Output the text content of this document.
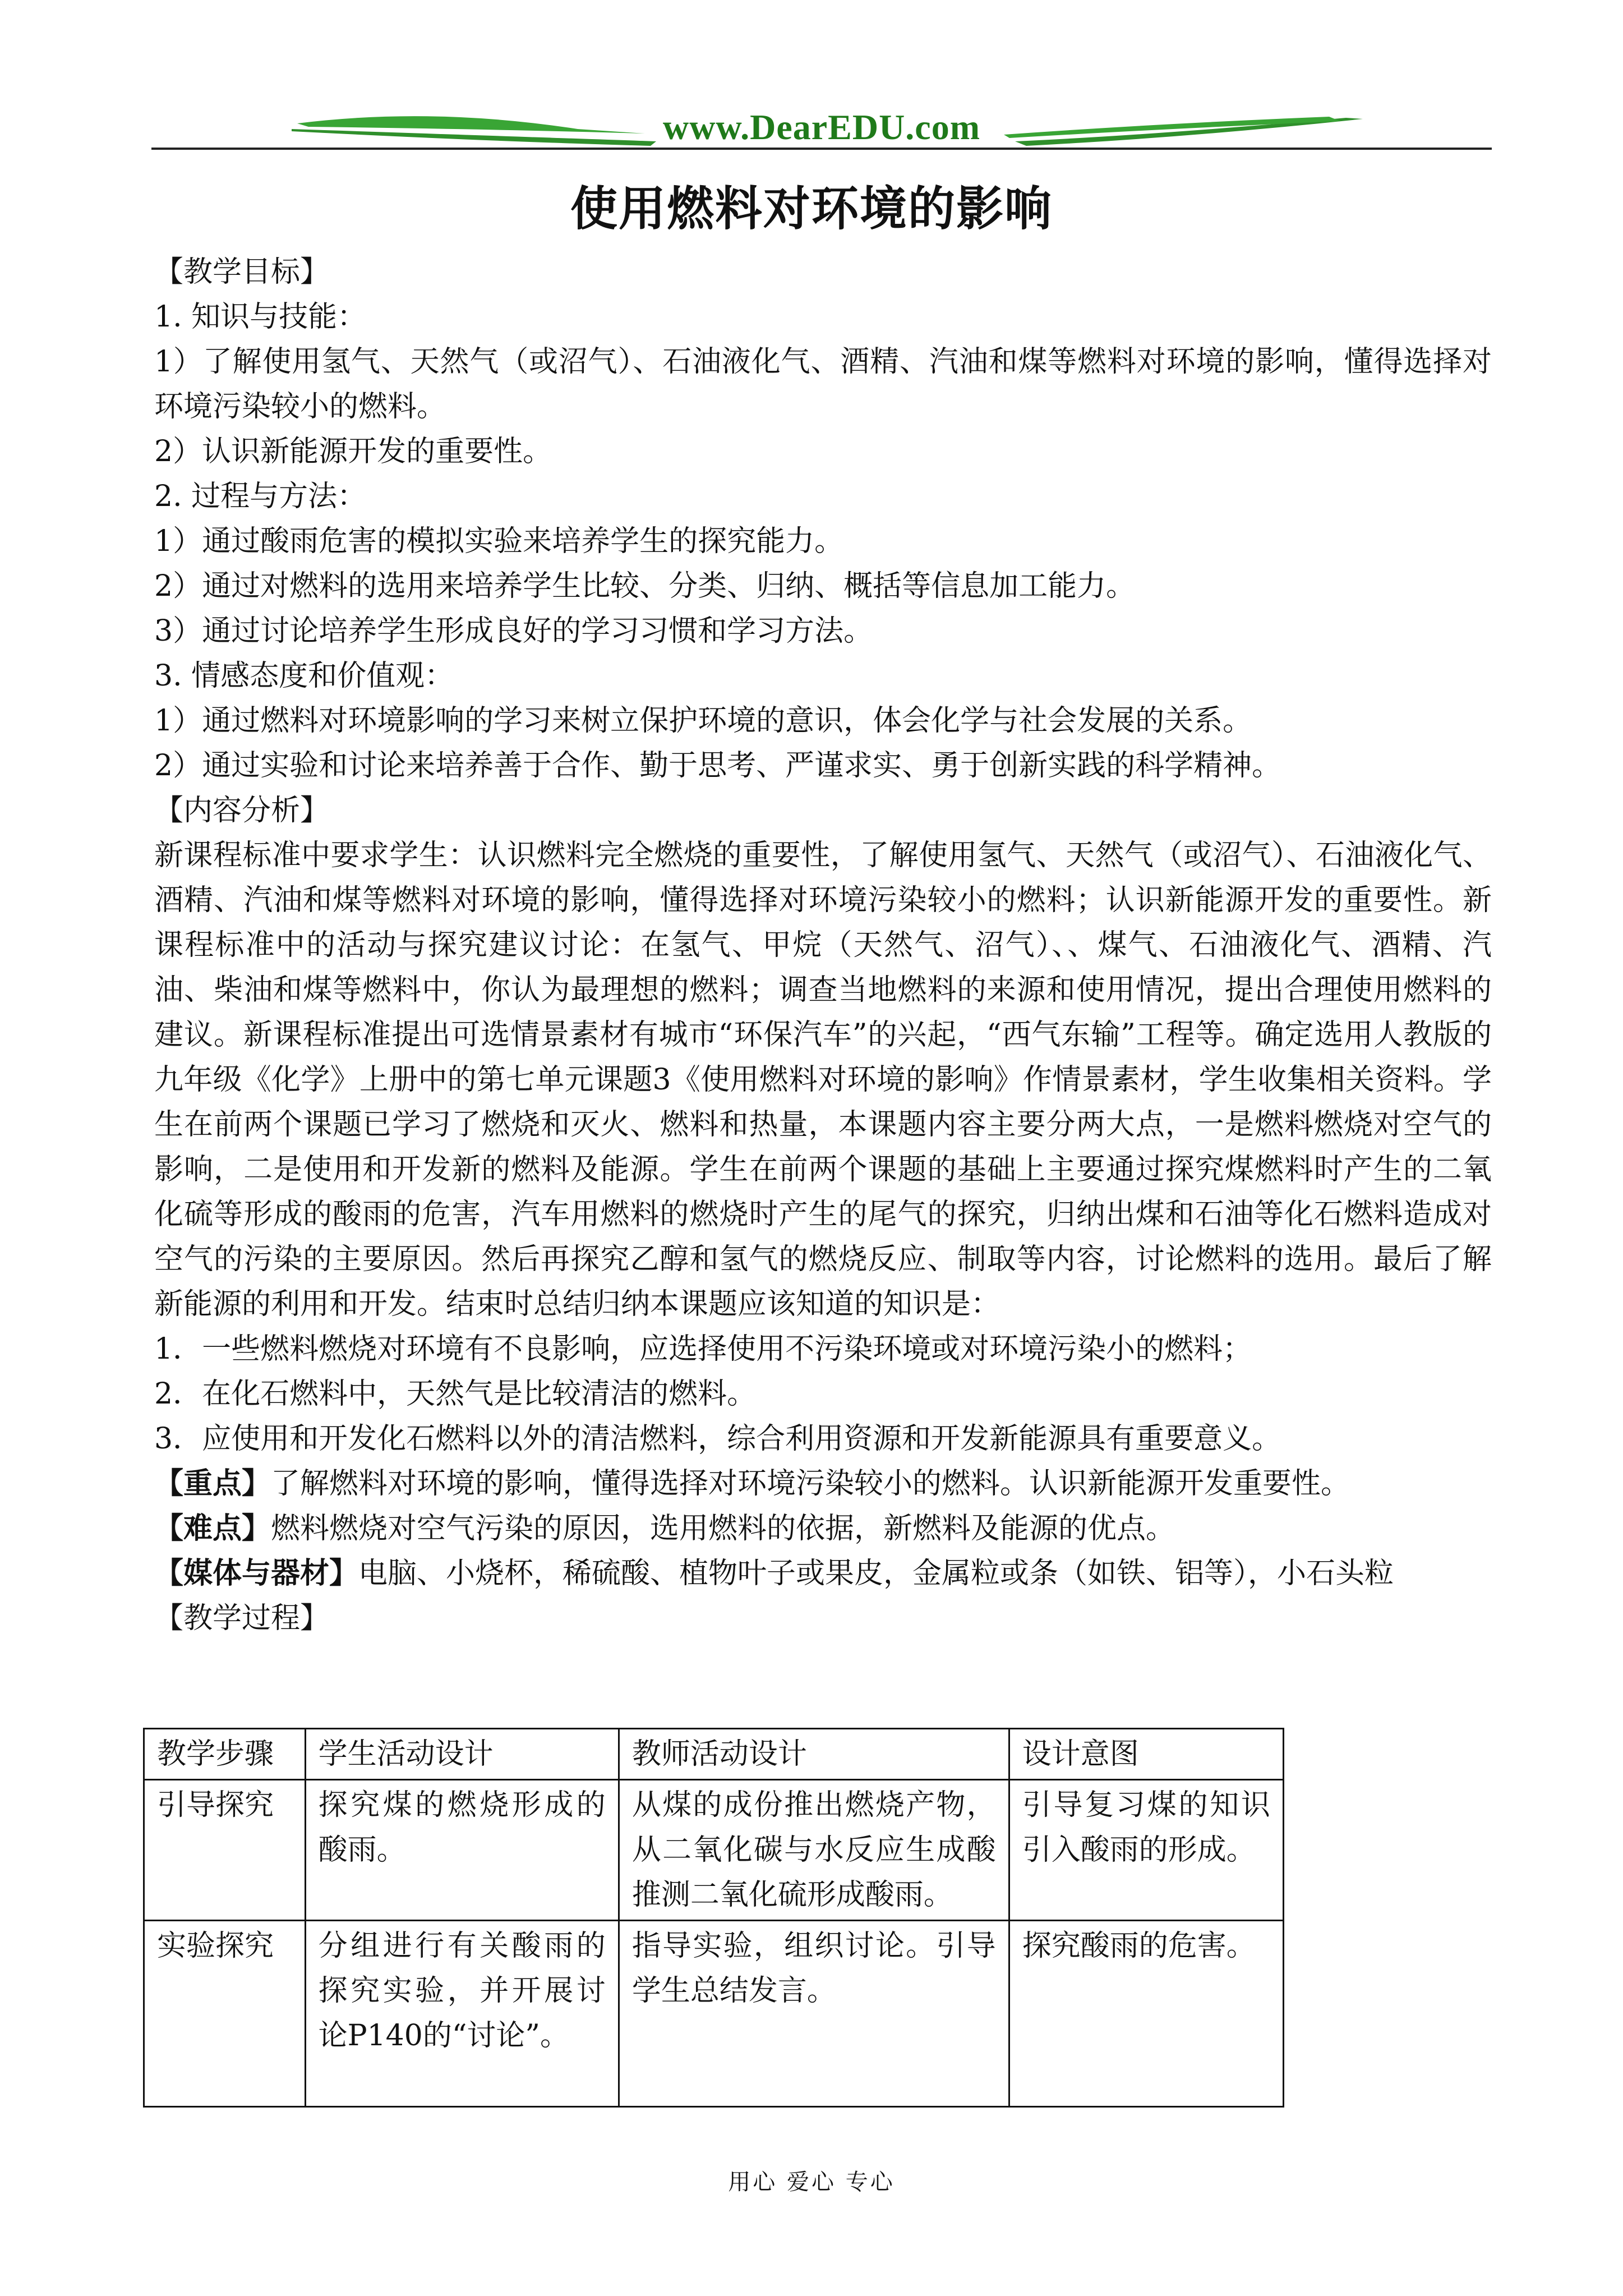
www.DearEDU.com
使用燃料对环境的影响

【教学目标】

1. 知识与技能：

1）了解使用氢气、天然气（或沼气）、石油液化气、酒精、汽油和煤等燃料对环境的影响，懂得选择对环境污染较小的燃料。

2）认识新能源开发的重要性。

2. 过程与方法：

1）通过酸雨危害的模拟实验来培养学生的探究能力。

2）通过对燃料的选用来培养学生比较、分类、归纳、概括等信息加工能力。

3）通过讨论培养学生形成良好的学习习惯和学习方法。

3. 情感态度和价值观：

1）通过燃料对环境影响的学习来树立保护环境的意识，体会化学与社会发展的关系。

2）通过实验和讨论来培养善于合作、勤于思考、严谨求实、勇于创新实践的科学精神。

【内容分析】

新课程标准中要求学生：认识燃料完全燃烧的重要性，了解使用氢气、天然气（或沼气）、石油液化气、酒精、汽油和煤等燃料对环境的影响，懂得选择对环境污染较小的燃料；认识新能源开发的重要性。新课程标准中的活动与探究建议讨论：在氢气、甲烷（天然气、沼气）、、煤气、石油液化气、酒精、汽油、柴油和煤等燃料中，你认为最理想的燃料；调查当地燃料的来源和使用情况，提出合理使用燃料的建议。新课程标准提出可选情景素材有城市“环保汽车”的兴起，“西气东输”工程等。确定选用人教版的九年级《化学》上册中的第七单元课题3《使用燃料对环境的影响》作情景素材，学生收集相关资料。学生在前两个课题已学习了燃烧和灭火、燃料和热量，本课题内容主要分两大点，一是燃料燃烧对空气的影响，二是使用和开发新的燃料及能源。学生在前两个课题的基础上主要通过探究煤燃料时产生的二氧化硫等形成的酸雨的危害，汽车用燃料的燃烧时产生的尾气的探究，归纳出煤和石油等化石燃料造成对空气的污染的主要原因。然后再探究乙醇和氢气的燃烧反应、制取等内容，讨论燃料的选用。最后了解新能源的利用和开发。结束时总结归纳本课题应该知道的知识是：

1．一些燃料燃烧对环境有不良影响，应选择使用不污染环境或对环境污染小的燃料；

2．在化石燃料中，天然气是比较清洁的燃料。

3．应使用和开发化石燃料以外的清洁燃料，综合利用资源和开发新能源具有重要意义。

【重点】了解燃料对环境的影响，懂得选择对环境污染较小的燃料。认识新能源开发重要性。

【难点】燃料燃烧对空气污染的原因，选用燃料的依据，新燃料及能源的优点。

【媒体与器材】电脑、小烧杯，稀硫酸、植物叶子或果皮，金属粒或条（如铁、铝等），小石头粒

【教学过程】

教学步骤	学生活动设计	教师活动设计	设计意图
引导探究	探究煤的燃烧形成的酸雨。	从煤的成份推出燃烧产物，从二氧化碳与水反应生成酸推测二氧化硫形成酸雨。	引导复习煤的知识引入酸雨的形成。
实验探究	分组进行有关酸雨的探究实验，并开展讨论P140的“讨论”。	指导实验，组织讨论。引导学生总结发言。	探究酸雨的危害。
用心 爱心 专心
